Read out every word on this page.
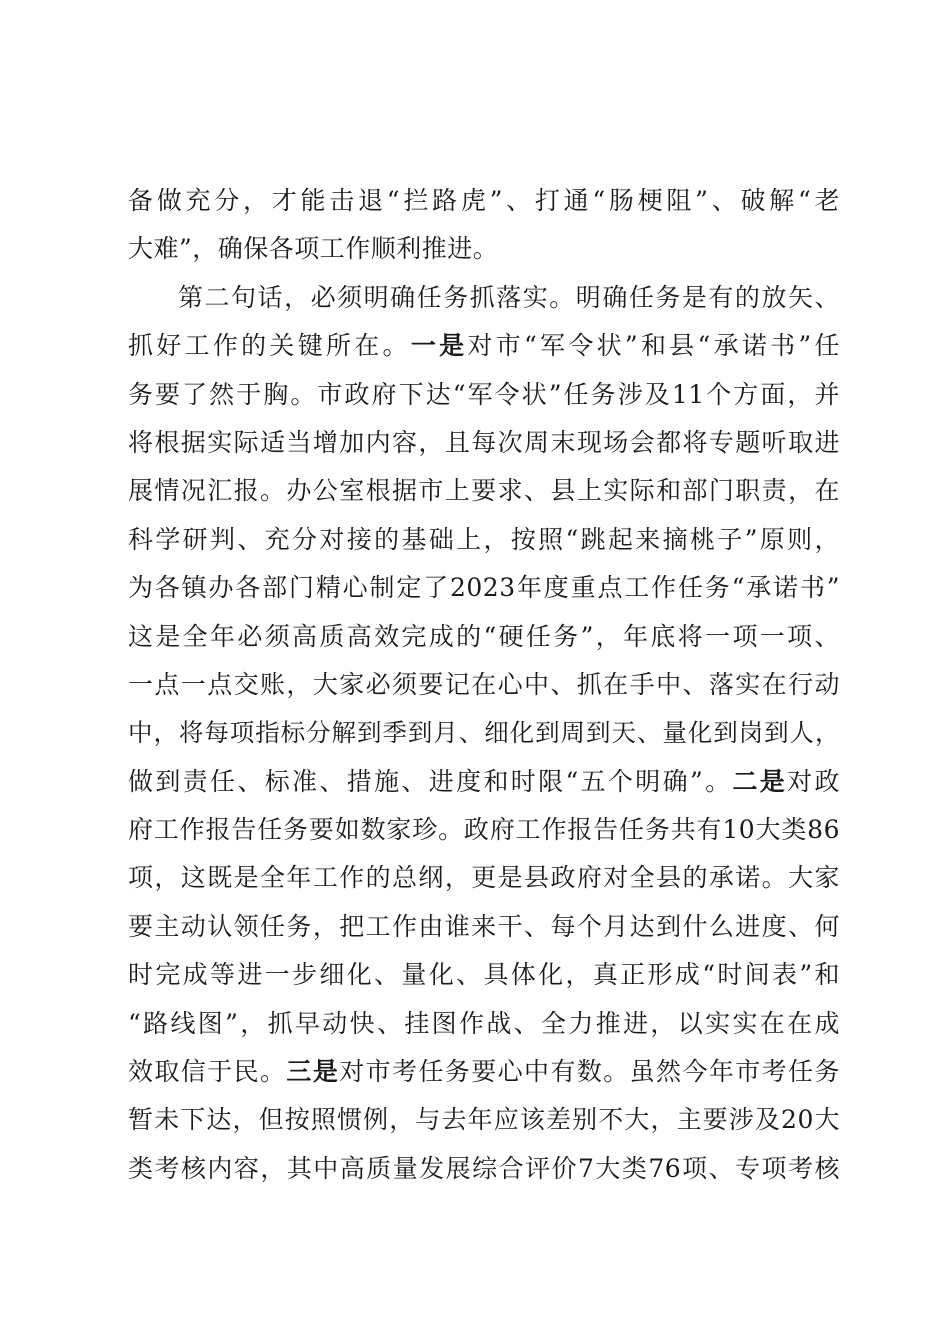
备做充分，才能击退“拦路虎”、打通“肠梗阻”、破解“老
大难”，确保各项工作顺利推进。
第二句话，必须明确任务抓落实。明确任务是有的放矢、
抓好工作的关键所在。一是对市“军令状”和县“承诺书”任
务要了然于胸。市政府下达“军令状”任务涉及11个方面，并
将根据实际适当增加内容，且每次周末现场会都将专题听取进
展情况汇报。办公室根据市上要求、县上实际和部门职责，在
科学研判、充分对接的基础上，按照“跳起来摘桃子”原则，
为各镇办各部门精心制定了2023年度重点工作任务“承诺书”
这是全年必须高质高效完成的“硬任务”，年底将一项一项、
一点一点交账，大家必须要记在心中、抓在手中、落实在行动
中，将每项指标分解到季到月、细化到周到天、量化到岗到人，
做到责任、标准、措施、进度和时限“五个明确”。二是对政
府工作报告任务要如数家珍。政府工作报告任务共有10大类86
项，这既是全年工作的总纲，更是县政府对全县的承诺。大家
要主动认领任务，把工作由谁来干、每个月达到什么进度、何
时完成等进一步细化、量化、具体化，真正形成“时间表”和
“路线图”，抓早动快、挂图作战、全力推进，以实实在在成
效取信于民。三是对市考任务要心中有数。虽然今年市考任务
暂未下达，但按照惯例，与去年应该差别不大，主要涉及20大
类考核内容，其中高质量发展综合评价7大类76项、专项考核
